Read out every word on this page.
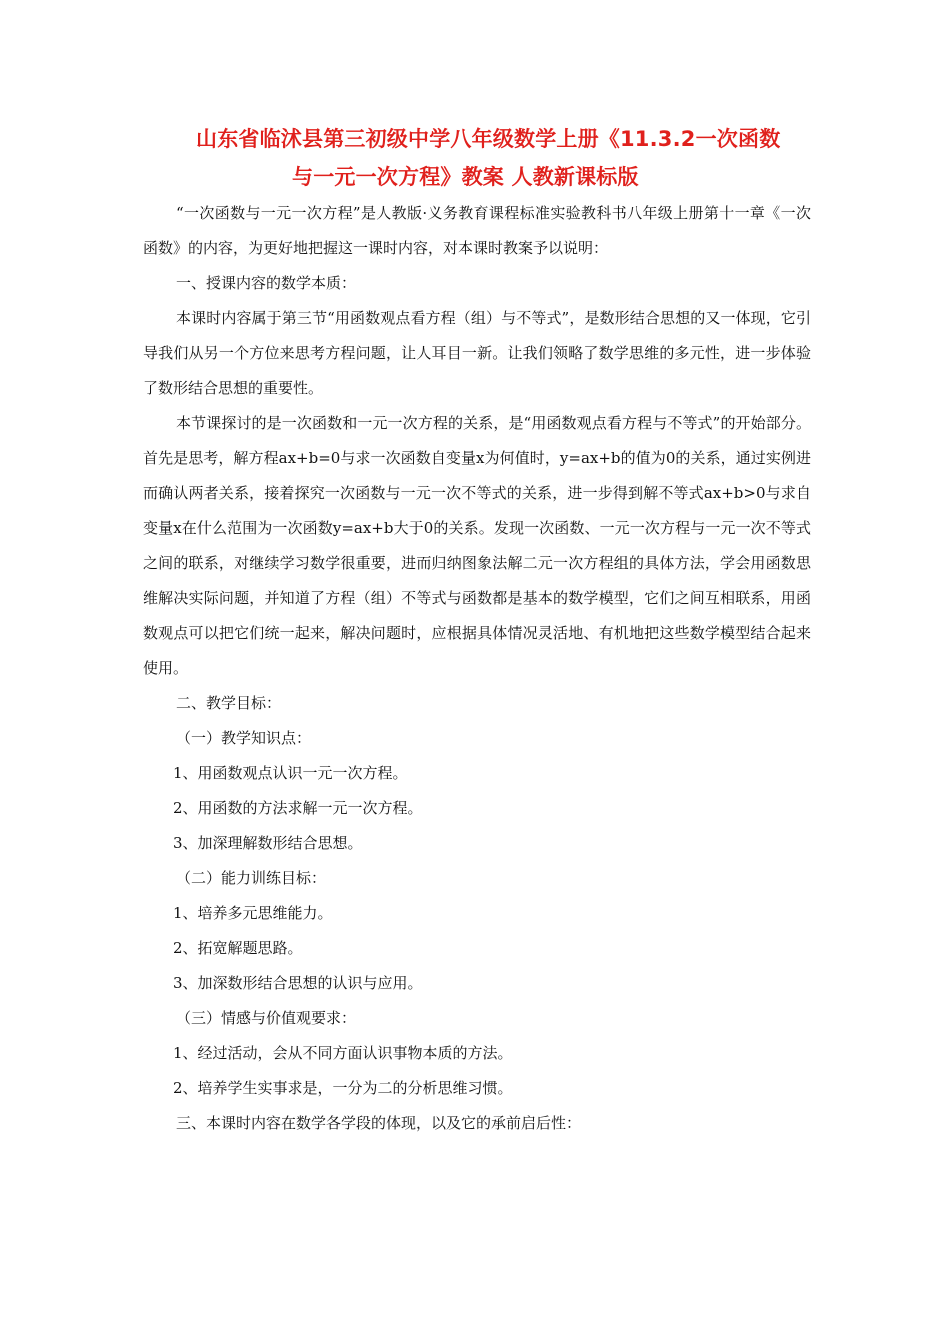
山东省临沭县第三初级中学八年级数学上册《11.3.2一次函数
与一元一次方程》教案 人教新课标版

“一次函数与一元一次方程”是人教版·义务教育课程标准实验教科书八年级上册第十一章《一次函数》的内容，为更好地把握这一课时内容，对本课时教案予以说明：

一、授课内容的数学本质：

本课时内容属于第三节“用函数观点看方程（组）与不等式”，是数形结合思想的又一体现，它引导我们从另一个方位来思考方程问题，让人耳目一新。让我们领略了数学思维的多元性，进一步体验了数形结合思想的重要性。

本节课探讨的是一次函数和一元一次方程的关系，是“用函数观点看方程与不等式”的开始部分。首先是思考，解方程ax+b=0与求一次函数自变量x为何值时，y=ax+b的值为0的关系，通过实例进而确认两者关系，接着探究一次函数与一元一次不等式的关系，进一步得到解不等式ax+b>0与求自变量x在什么范围为一次函数y=ax+b大于0的关系。发现一次函数、一元一次方程与一元一次不等式之间的联系，对继续学习数学很重要，进而归纳图象法解二元一次方程组的具体方法，学会用函数思维解决实际问题，并知道了方程（组）不等式与函数都是基本的数学模型，它们之间互相联系，用函数观点可以把它们统一起来，解决问题时，应根据具体情况灵活地、有机地把这些数学模型结合起来使用。

二、教学目标：

（一）教学知识点：

1、用函数观点认识一元一次方程。

2、用函数的方法求解一元一次方程。

3、加深理解数形结合思想。

（二）能力训练目标：

1、培养多元思维能力。

2、拓宽解题思路。

3、加深数形结合思想的认识与应用。

（三）情感与价值观要求：

1、经过活动，会从不同方面认识事物本质的方法。

2、培养学生实事求是，一分为二的分析思维习惯。

三、本课时内容在数学各学段的体现，以及它的承前启后性：
